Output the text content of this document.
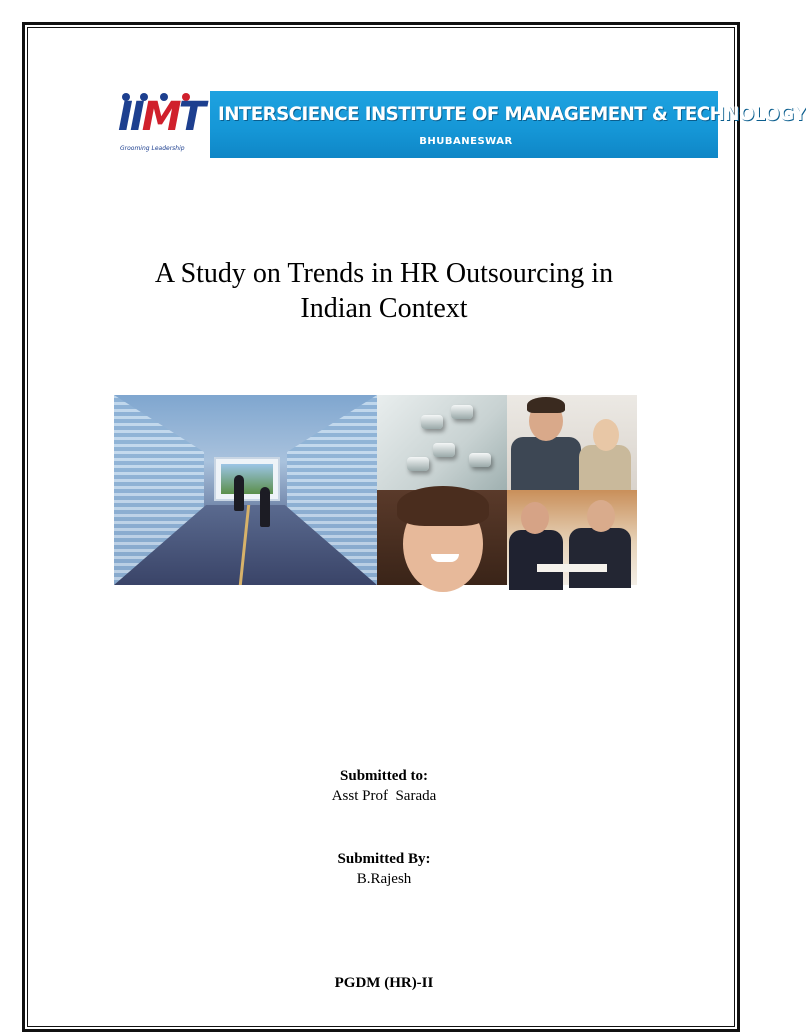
IIMT
Grooming Leadership
INTERSCIENCE INSTITUTE OF MANAGEMENT & TECHNOLOGY
BHUBANESWAR
A Study on Trends in HR Outsourcing in
Indian Context
Submitted to:
Asst Prof  Sarada
Submitted By:
B.Rajesh
PGDM (HR)-II
